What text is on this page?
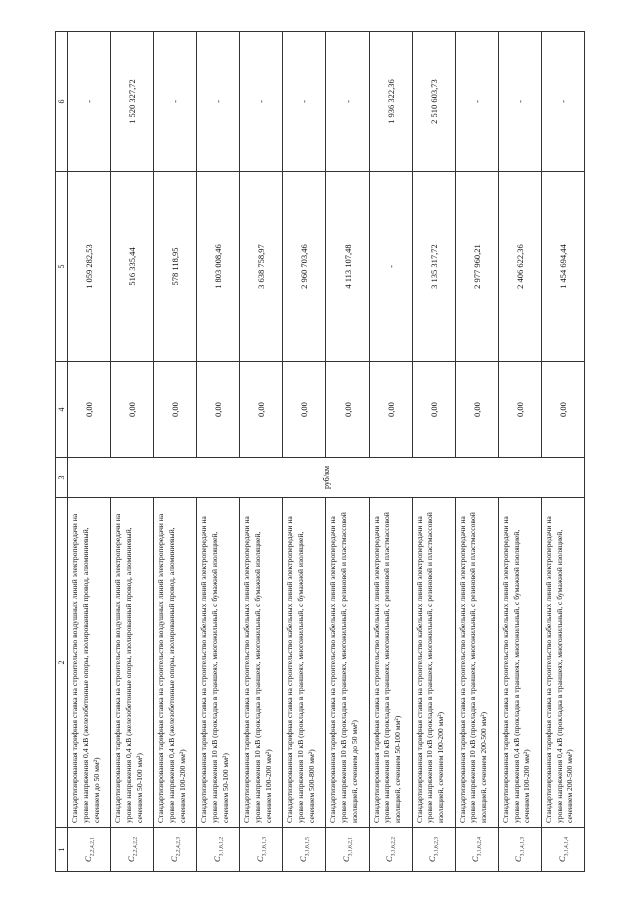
1	2	3	4	5	6
$C_{2,2,4,2,1}$	Стандартизированная тарифная ставка на строительство воздушных линий электропередачи на уровне напряжения 0,4 кВ (железобетонные опоры, изолированный провод, алюминиевый, сечением до 50 мм²)	руб/км	0,00	1 059 282,53	-
$C_{2,2,4,2,2}$	Стандартизированная тарифная ставка на строительство воздушных линий электропередачи на уровне напряжения 0,4 кВ (железобетонные опоры, изолированный провод, алюминиевый, сечением 50-100 мм²)		0,00	516 335,44	1 520 327,72
$C_{2,2,4,2,3}$	Стандартизированная тарифная ставка на строительство воздушных линий электропередачи на уровне напряжения 0,4 кВ (железобетонные опоры, изолированный провод, алюминиевый, сечением 100-200 мм²)		0,00	578 118,95	-
$C_{3,1,6,1,2}$	Стандартизированная тарифная ставка на строительство кабельных линий электропередачи на уровне напряжения 10 кВ (прокладка в траншеях, многожильный, с бумажной изоляцией, сечением 50-100 мм²)		0,00	1 803 008,46	-
$C_{3,1,6,1,3}$	Стандартизированная тарифная ставка на строительство кабельных линий электропередачи на уровне напряжения 10 кВ (прокладка в траншеях, многожильный, с бумажной изоляцией, сечением 100-200 мм²)		0,00	3 638 758,97	-
$C_{3,1,6,1,5}$	Стандартизированная тарифная ставка на строительство кабельных линий электропередачи на уровне напряжения 10 кВ (прокладка в траншеях, многожильный, с бумажной изоляцией, сечением 500-800 мм²)		0,00	2 960 703,46	-
$C_{3,1,6,2,1}$	Стандартизированная тарифная ставка на строительство кабельных линий электропередачи на уровне напряжения 10 кВ (прокладка в траншеях, многожильный, с резиновой и пластмассовой изоляцией, сечением до 50 мм²)		0,00	4 113 107,48	-
$C_{3,1,6,2,2}$	Стандартизированная тарифная ставка на строительство кабельных линий электропередачи на уровне напряжения 10 кВ (прокладка в траншеях, многожильный, с резиновой и пластмассовой изоляцией, сечением 50-100 мм²)		0,00	-	1 936 322,36
$C_{3,1,6,2,3}$	Стандартизированная тарифная ставка на строительство кабельных линий электропередачи на уровне напряжения 10 кВ (прокладка в траншеях, многожильный, с резиновой и пластмассовой изоляцией, сечением 100-200 мм²)		0,00	3 135 317,72	2 510 603,73
$C_{3,1,6,2,4}$	Стандартизированная тарифная ставка на строительство кабельных линий электропередачи на уровне напряжения 10 кВ (прокладка в траншеях, многожильный, с резиновой и пластмассовой изоляцией, сечением 200-500 мм²)		0,00	2 977 960,21	-
$C_{3,1,4,1,3}$	Стандартизированная тарифная ставка на строительство кабельных линий электропередачи на уровне напряжения 0,4 кВ (прокладка в траншеях, многожильный, с бумажной изоляцией, сечением 100-200 мм²)		0,00	2 406 622,36	-
$C_{3,1,4,1,4}$	Стандартизированная тарифная ставка на строительство кабельных линий электропередачи на уровне напряжения 0,4 кВ (прокладка в траншеях, многожильный, с бумажной изоляцией, сечением 200-500 мм²)		0,00	1 454 694,44	-
